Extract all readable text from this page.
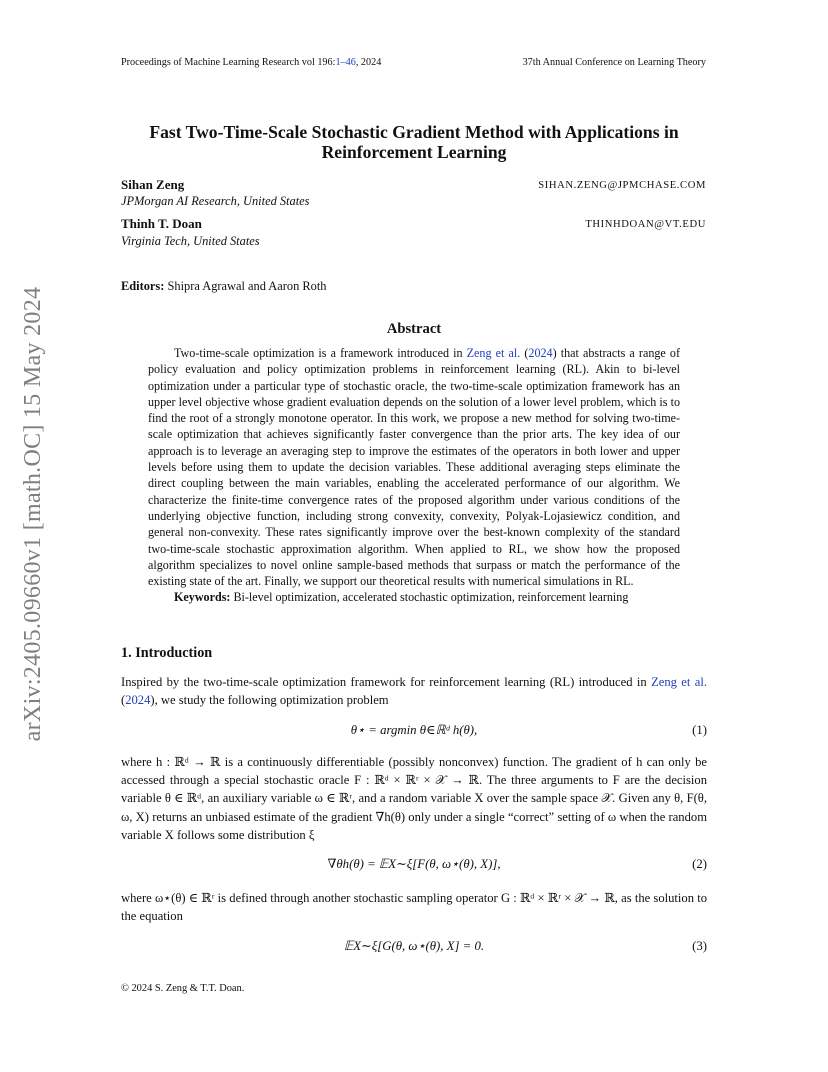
Proceedings of Machine Learning Research vol 196:1–46, 2024	37th Annual Conference on Learning Theory
arXiv:2405.09660v1 [math.OC] 15 May 2024
Fast Two-Time-Scale Stochastic Gradient Method with Applications in
Reinforcement Learning
Sihan Zeng	SIHAN.ZENG@JPMCHASE.COM
JPMorgan AI Research, United States
Thinh T. Doan	THINHDOAN@VT.EDU
Virginia Tech, United States
Editors: Shipra Agrawal and Aaron Roth
Abstract

Two-time-scale optimization is a framework introduced in Zeng et al. (2024) that abstracts a range of policy evaluation and policy optimization problems in reinforcement learning (RL). Akin to bi-level optimization under a particular type of stochastic oracle, the two-time-scale optimization framework has an upper level objective whose gradient evaluation depends on the solution of a lower level problem, which is to find the root of a strongly monotone operator. In this work, we propose a new method for solving two-time-scale optimization that achieves significantly faster convergence than the prior arts. The key idea of our approach is to leverage an averaging step to improve the estimates of the operators in both lower and upper levels before using them to update the decision variables. These additional averaging steps eliminate the direct coupling between the main variables, enabling the accelerated performance of our algorithm. We characterize the finite-time convergence rates of the proposed algorithm under various conditions of the underlying objective function, including strong convexity, convexity, Polyak-Lojasiewicz condition, and general non-convexity. These rates significantly improve over the best-known complexity of the standard two-time-scale stochastic approximation algorithm. When applied to RL, we show how the proposed algorithm specializes to novel online sample-based methods that surpass or match the performance of the existing state of the art. Finally, we support our theoretical results with numerical simulations in RL.

Keywords: Bi-level optimization, accelerated stochastic optimization, reinforcement learning

1. Introduction

Inspired by the two-time-scale optimization framework for reinforcement learning (RL) introduced in Zeng et al. (2024), we study the following optimization problem

θ⋆ = argmin θ∈ℝᵈ h(θ),	(1)

where h : ℝᵈ → ℝ is a continuously differentiable (possibly nonconvex) function. The gradient of h can only be accessed through a special stochastic oracle F : ℝᵈ × ℝʳ × 𝒳 → ℝ. The three arguments to F are the decision variable θ ∈ ℝᵈ, an auxiliary variable ω ∈ ℝʳ, and a random variable X over the sample space 𝒳. Given any θ, F(θ, ω, X) returns an unbiased estimate of the gradient ∇h(θ) only under a single “correct” setting of ω when the random variable X follows some distribution ξ

∇θh(θ) = 𝔼X∼ξ[F(θ, ω⋆(θ), X)],	(2)

where ω⋆(θ) ∈ ℝʳ is defined through another stochastic sampling operator G : ℝᵈ × ℝʳ × 𝒳 → ℝ, as the solution to the equation

𝔼X∼ξ[G(θ, ω⋆(θ), X] = 0.	(3)
© 2024 S. Zeng & T.T. Doan.
